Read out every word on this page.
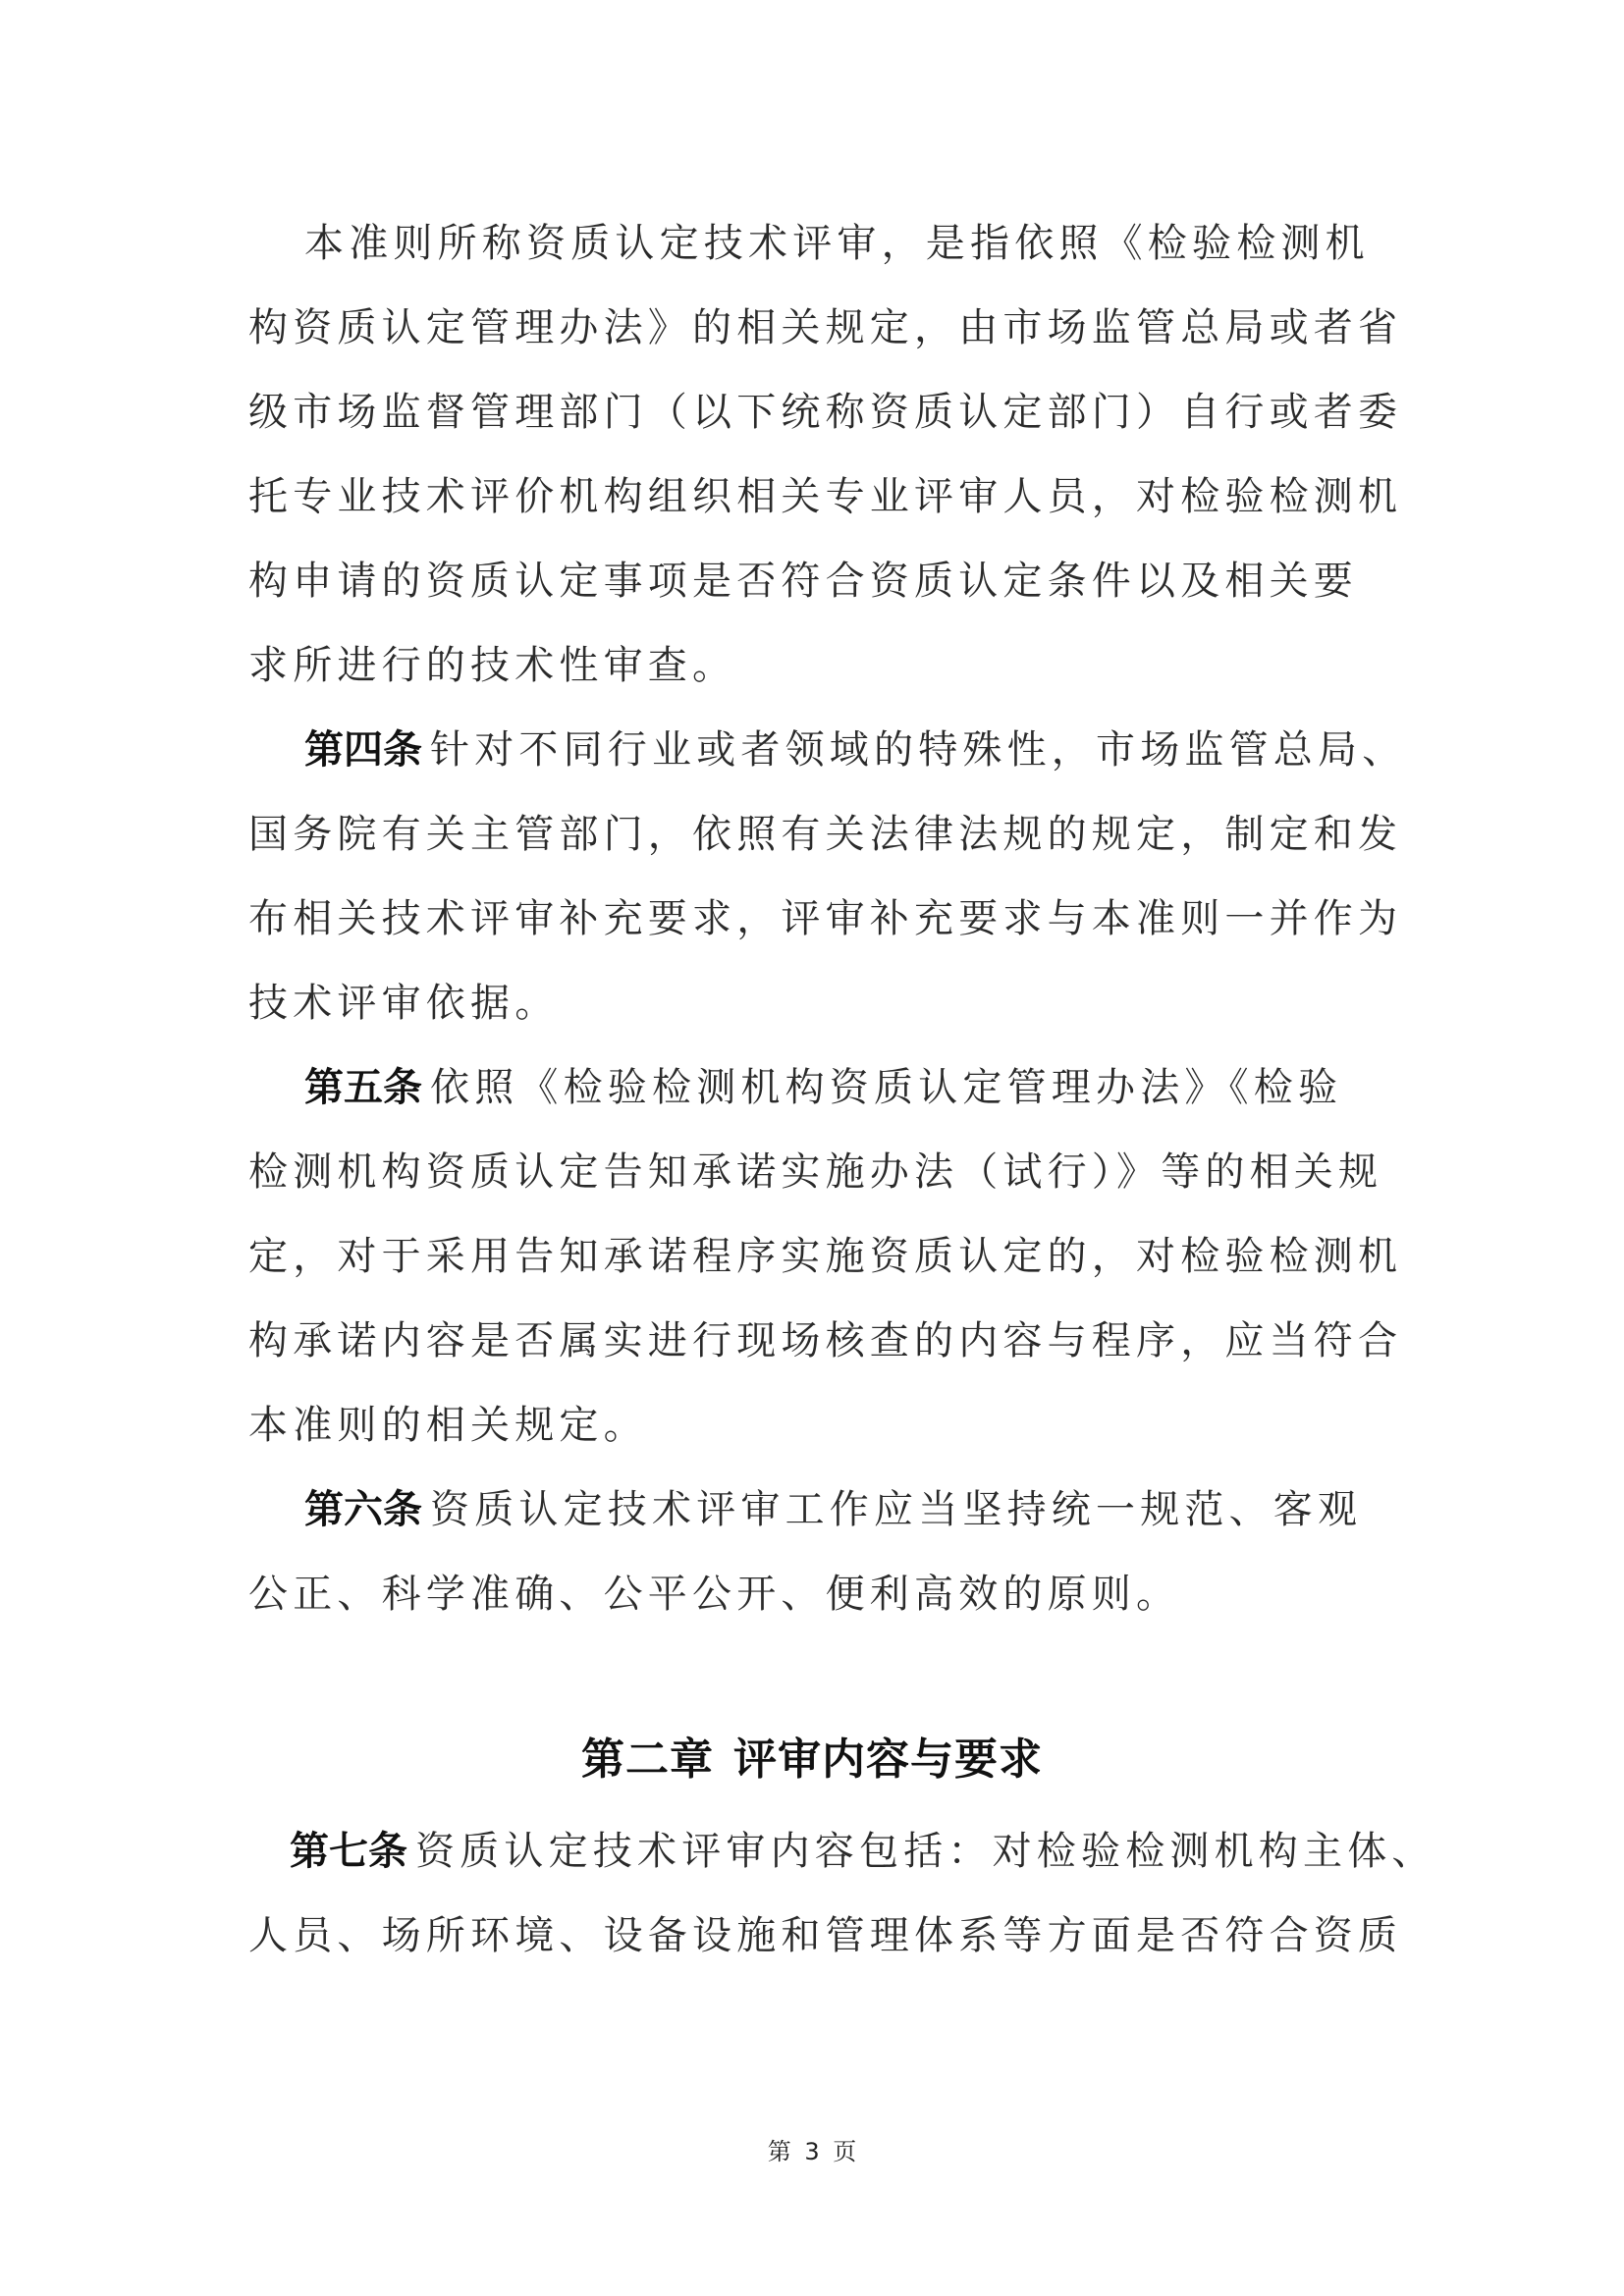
本准则所称资质认定技术评审，是指依照《检验检测机
构资质认定管理办法》的相关规定，由市场监管总局或者省
级市场监督管理部门（以下统称资质认定部门）自行或者委
托专业技术评价机构组织相关专业评审人员，对检验检测机
构申请的资质认定事项是否符合资质认定条件以及相关要
求所进行的技术性审查。
第四条 针对不同行业或者领域的特殊性，市场监管总局、
国务院有关主管部门，依照有关法律法规的规定，制定和发
布相关技术评审补充要求，评审补充要求与本准则一并作为
技术评审依据。
第五条 依照《检验检测机构资质认定管理办法》《检验
检测机构资质认定告知承诺实施办法（试行）》等的相关规
定，对于采用告知承诺程序实施资质认定的，对检验检测机
构承诺内容是否属实进行现场核查的内容与程序，应当符合
本准则的相关规定。
第六条 资质认定技术评审工作应当坚持统一规范、客观
公正、科学准确、公平公开、便利高效的原则。
第二章 评审内容与要求
第七条 资质认定技术评审内容包括：对检验检测机构主体、
人员、场所环境、设备设施和管理体系等方面是否符合资质
第 3 页
